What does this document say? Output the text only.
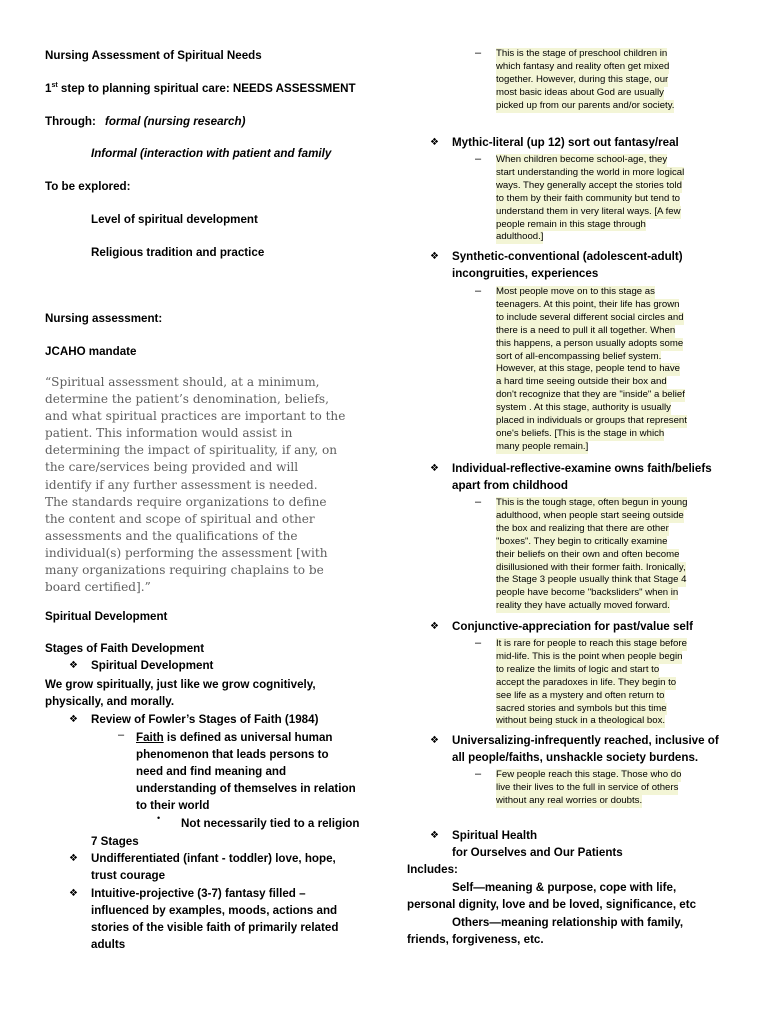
Nursing Assessment of Spiritual Needs
1st step to planning spiritual care: NEEDS ASSESSMENT
Through: formal (nursing research)
Informal (interaction with patient and family
To be explored:
Level of spiritual development
Religious tradition and practice
Nursing assessment:
JCAHO mandate
“Spiritual assessment should, at a minimum,
determine the patient’s denomination, beliefs,
and what spiritual practices are important to the
patient. This information would assist in
determining the impact of spirituality, if any, on
the care/services being provided and will
identify if any further assessment is needed.
The standards require organizations to define
the content and scope of spiritual and other
assessments and the qualifications of the
individual(s) performing the assessment [with
many organizations requiring chaplains to be
board certified].”
Spiritual Development
Stages of Faith Development
❖ Spiritual Development
We grow spiritually, just like we grow cognitively,
physically, and morally.
❖ Review of Fowler’s Stages of Faith (1984)
– Faith is defined as universal human
phenomenon that leads persons to
need and find meaning and
understanding of themselves in relation
to their world
• Not necessarily tied to a religion
7 Stages
❖ Undifferentiated (infant - toddler) love, hope,
trust courage
❖ Intuitive-projective (3-7) fantasy filled –
influenced by examples, moods, actions and
stories of the visible faith of primarily related
adults
– This is the stage of preschool children in
which fantasy and reality often get mixed
together. However, during this stage, our
most basic ideas about God are usually
picked up from our parents and/or society.
❖ Mythic-literal (up 12) sort out fantasy/real
– When children become school-age, they
start understanding the world in more logical
ways. They generally accept the stories told
to them by their faith community but tend to
understand them in very literal ways. [A few
people remain in this stage through
adulthood.]
❖ Synthetic-conventional (adolescent-adult)
incongruities, experiences
– Most people move on to this stage as
teenagers. At this point, their life has grown
to include several different social circles and
there is a need to pull it all together. When
this happens, a person usually adopts some
sort of all-encompassing belief system.
However, at this stage, people tend to have
a hard time seeing outside their box and
don't recognize that they are "inside" a belief
system . At this stage, authority is usually
placed in individuals or groups that represent
one's beliefs. [This is the stage in which
many people remain.]
❖ Individual-reflective-examine owns faith/beliefs
apart from childhood
– This is the tough stage, often begun in young
adulthood, when people start seeing outside
the box and realizing that there are other
"boxes". They begin to critically examine
their beliefs on their own and often become
disillusioned with their former faith. Ironically,
the Stage 3 people usually think that Stage 4
people have become "backsliders" when in
reality they have actually moved forward.
❖ Conjunctive-appreciation for past/value self
– It is rare for people to reach this stage before
mid-life. This is the point when people begin
to realize the limits of logic and start to
accept the paradoxes in life. They begin to
see life as a mystery and often return to
sacred stories and symbols but this time
without being stuck in a theological box.
❖ Universalizing-infrequently reached, inclusive of
all people/faiths, unshackle society burdens.
– Few people reach this stage. Those who do
live their lives to the full in service of others
without any real worries or doubts.
❖ Spiritual Health
for Ourselves and Our Patients
Includes:
Self—meaning & purpose, cope with life,
personal dignity, love and be loved, significance, etc
Others—meaning relationship with family,
friends, forgiveness, etc.
